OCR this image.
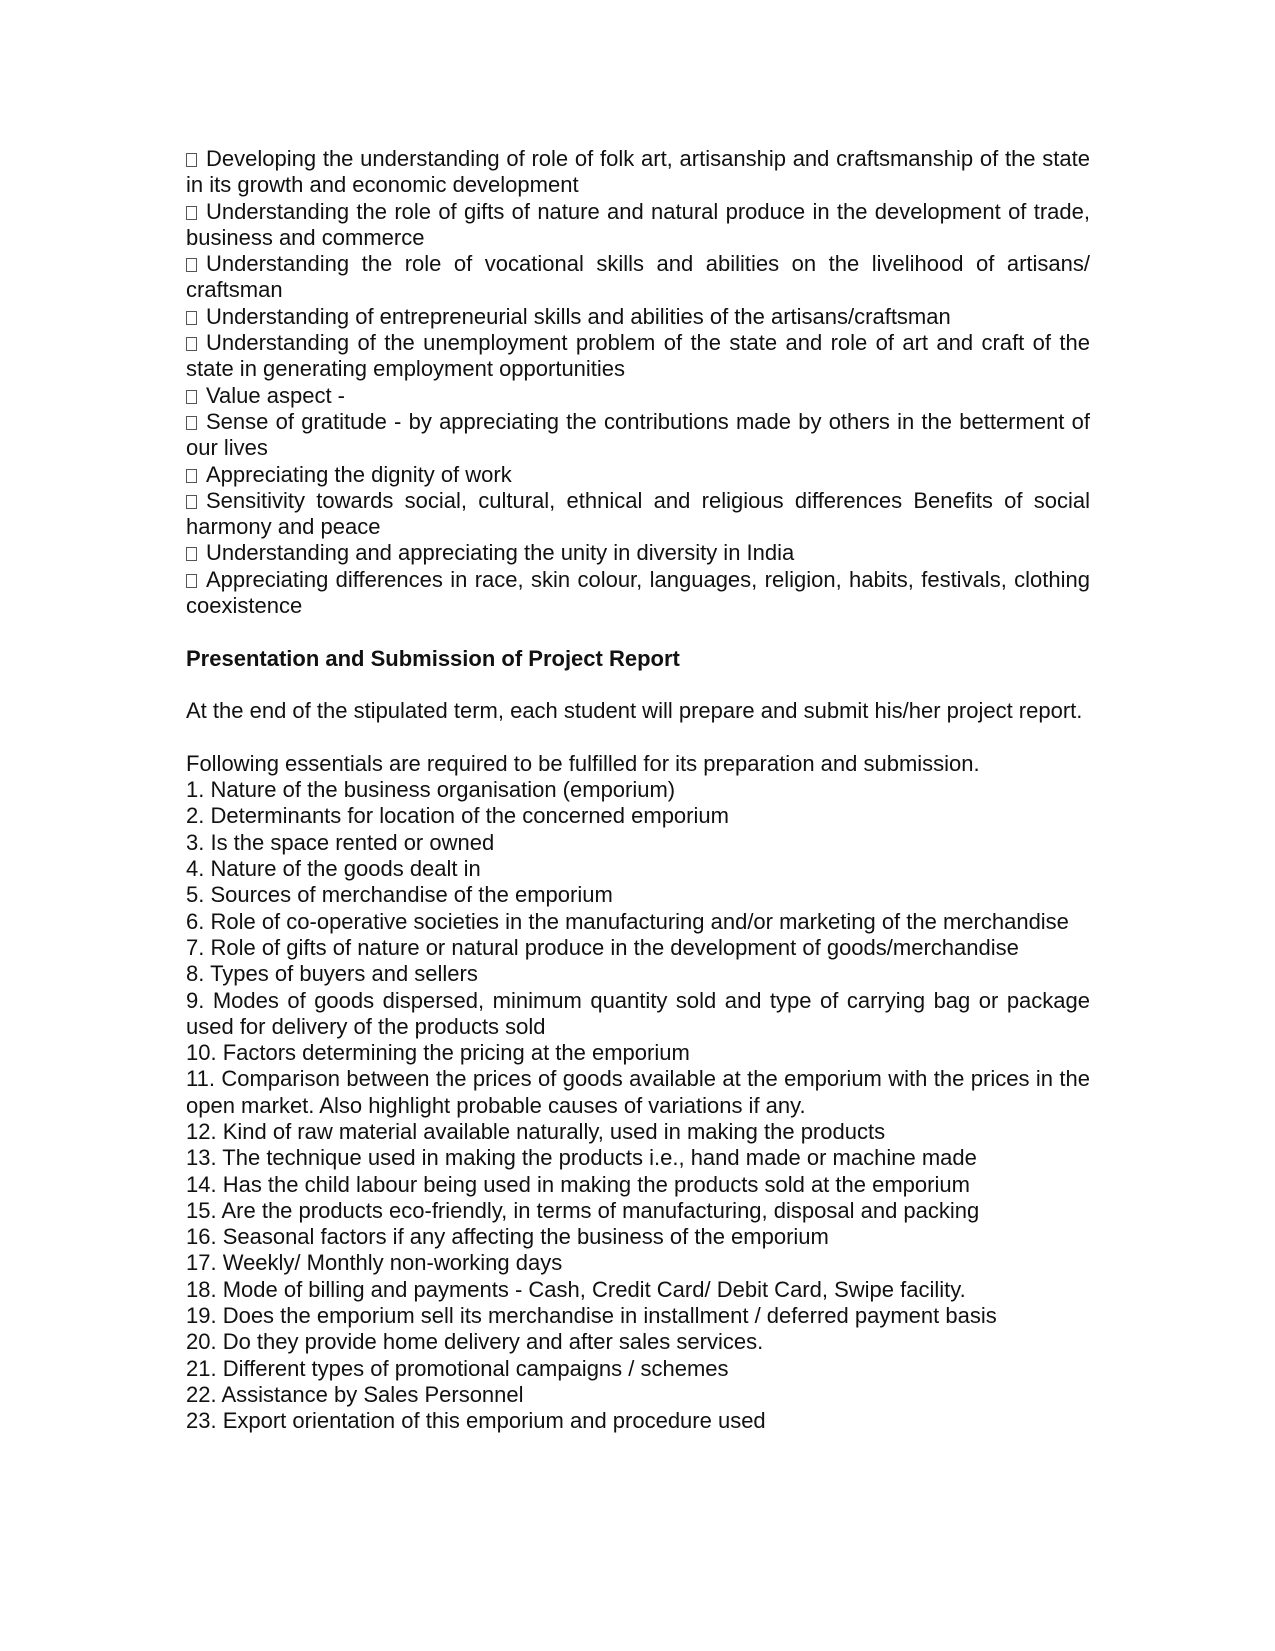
Developing the understanding of role of folk art, artisanship and craftsmanship of the state in its growth and economic development

Understanding the role of gifts of nature and natural produce in the development of trade, business and commerce

Understanding the role of vocational skills and abilities on the livelihood of artisans/ craftsman

Understanding of entrepreneurial skills and abilities of the artisans/craftsman

Understanding of the unemployment problem of the state and role of art and craft of the state in generating employment opportunities

Value aspect -

Sense of gratitude - by appreciating the contributions made by others in the betterment of our lives

Appreciating the dignity of work

Sensitivity towards social, cultural, ethnical and religious differences Benefits of social harmony and peace

Understanding and appreciating the unity in diversity in India

Appreciating differences in race, skin colour, languages, religion, habits, festivals, clothing coexistence

Presentation and Submission of Project Report

At the end of the stipulated term, each student will prepare and submit his/her project report.

Following essentials are required to be fulfilled for its preparation and submission.

1. Nature of the business organisation (emporium)

2. Determinants for location of the concerned emporium

3. Is the space rented or owned

4. Nature of the goods dealt in

5. Sources of merchandise of the emporium

6. Role of co-operative societies in the manufacturing and/or marketing of the merchandise

7. Role of gifts of nature or natural produce in the development of goods/merchandise

8. Types of buyers and sellers

9. Modes of goods dispersed, minimum quantity sold and type of carrying bag or package used for delivery of the products sold

10. Factors determining the pricing at the emporium

11. Comparison between the prices of goods available at the emporium with the prices in the open market. Also highlight probable causes of variations if any.

12. Kind of raw material available naturally, used in making the products

13. The technique used in making the products i.e., hand made or machine made

14. Has the child labour being used in making the products sold at the emporium

15. Are the products eco-friendly, in terms of manufacturing, disposal and packing

16. Seasonal factors if any affecting the business of the emporium

17. Weekly/ Monthly non-working days

18. Mode of billing and payments - Cash, Credit Card/ Debit Card, Swipe facility.

19. Does the emporium sell its merchandise in installment / deferred payment basis

20. Do they provide home delivery and after sales services.

21. Different types of promotional campaigns / schemes

22. Assistance by Sales Personnel

23. Export orientation of this emporium and procedure used
